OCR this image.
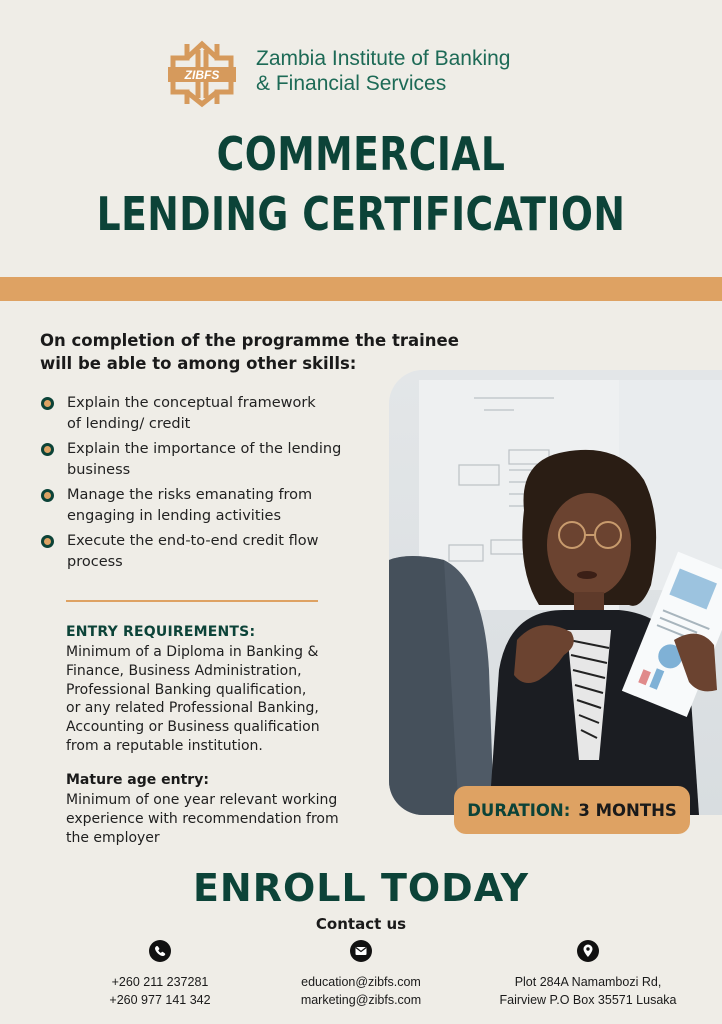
ZIBFS
Zambia Institute of Banking
& Financial Services
COMMERCIAL
LENDING CERTIFICATION
On completion of the programme the trainee
will be able to among other skills:
Explain the conceptual framework
of lending/ credit
Explain the importance of the lending
business
Manage the risks emanating from
engaging in lending activities
Execute the end-to-end credit flow
process
ENTRY REQUIREMENTS:
Minimum of a Diploma in Banking &
Finance, Business Administration,
Professional Banking qualification,
or any related Professional Banking,
Accounting or Business qualification
from a reputable institution.
Mature age entry:
Minimum of one year relevant working
experience with recommendation from
the employer
DURATION: 3 MONTHS
ENROLL TODAY
Contact us
+260 211 237281
+260 977 141 342
education@zibfs.com
marketing@zibfs.com
Plot 284A Namambozi Rd,
Fairview P.O Box 35571 Lusaka
